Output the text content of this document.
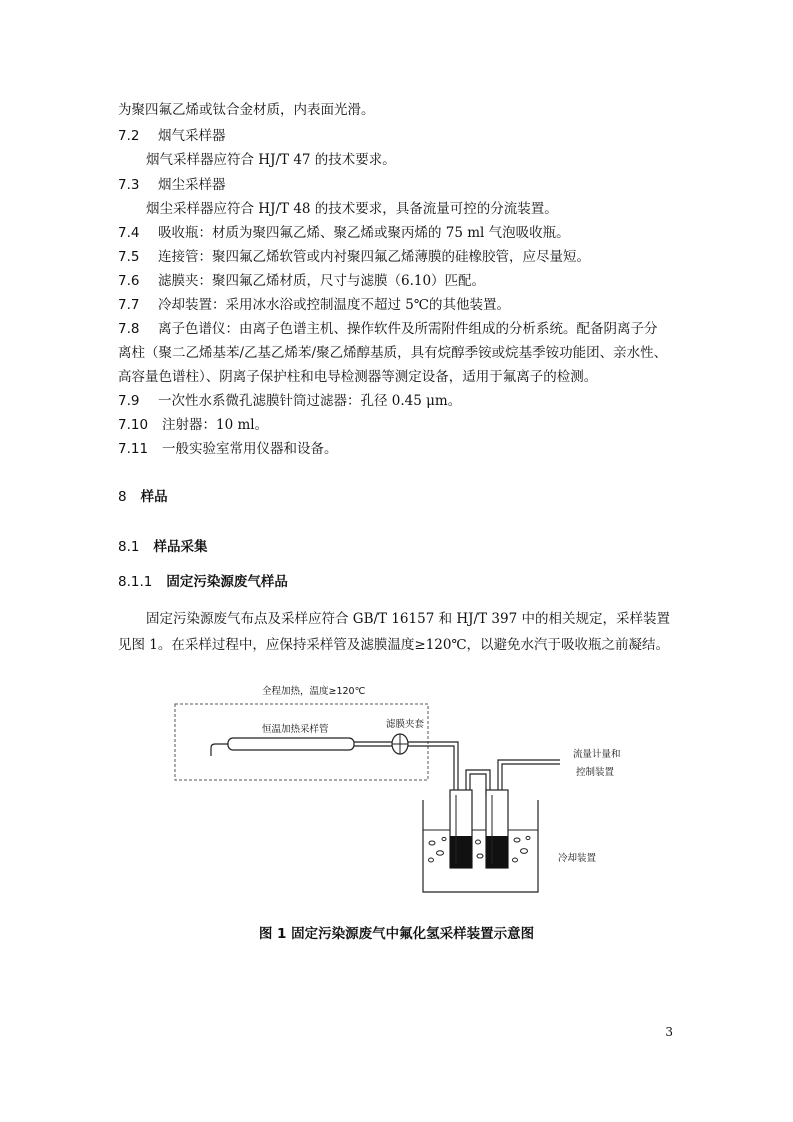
为聚四氟乙烯或钛合金材质，内表面光滑。
7.2 烟气采样器
烟气采样器应符合 HJ/T 47 的技术要求。
7.3 烟尘采样器
烟尘采样器应符合 HJ/T 48 的技术要求，具备流量可控的分流装置。
7.4 吸收瓶：材质为聚四氟乙烯、聚乙烯或聚丙烯的 75 ml 气泡吸收瓶。
7.5 连接管：聚四氟乙烯软管或内衬聚四氟乙烯薄膜的硅橡胶管，应尽量短。
7.6 滤膜夹：聚四氟乙烯材质，尺寸与滤膜（6.10）匹配。
7.7 冷却装置：采用冰水浴或控制温度不超过 5℃的其他装置。
7.8 离子色谱仪：由离子色谱主机、操作软件及所需附件组成的分析系统。配备阴离子分
离柱（聚二乙烯基苯/乙基乙烯苯/聚乙烯醇基质，具有烷醇季铵或烷基季铵功能团、亲水性、
高容量色谱柱）、阴离子保护柱和电导检测器等测定设备，适用于氟离子的检测。
7.9 一次性水系微孔滤膜针筒过滤器：孔径 0.45 μm。
7.10 注射器：10 ml。
7.11 一般实验室常用仪器和设备。
8 样品
8.1 样品采集
8.1.1 固定污染源废气样品
固定污染源废气布点及采样应符合 GB/T 16157 和 HJ/T 397 中的相关规定，采样装置见图 1。在采样过程中，应保持采样管及滤膜温度≥120℃，以避免水汽于吸收瓶之前凝结。
全程加热，温度≥120℃
恒温加热采样管	滤膜夹套
流量计量和
控制装置
冷却装置
图 1 固定污染源废气中氟化氢采样装置示意图
3
